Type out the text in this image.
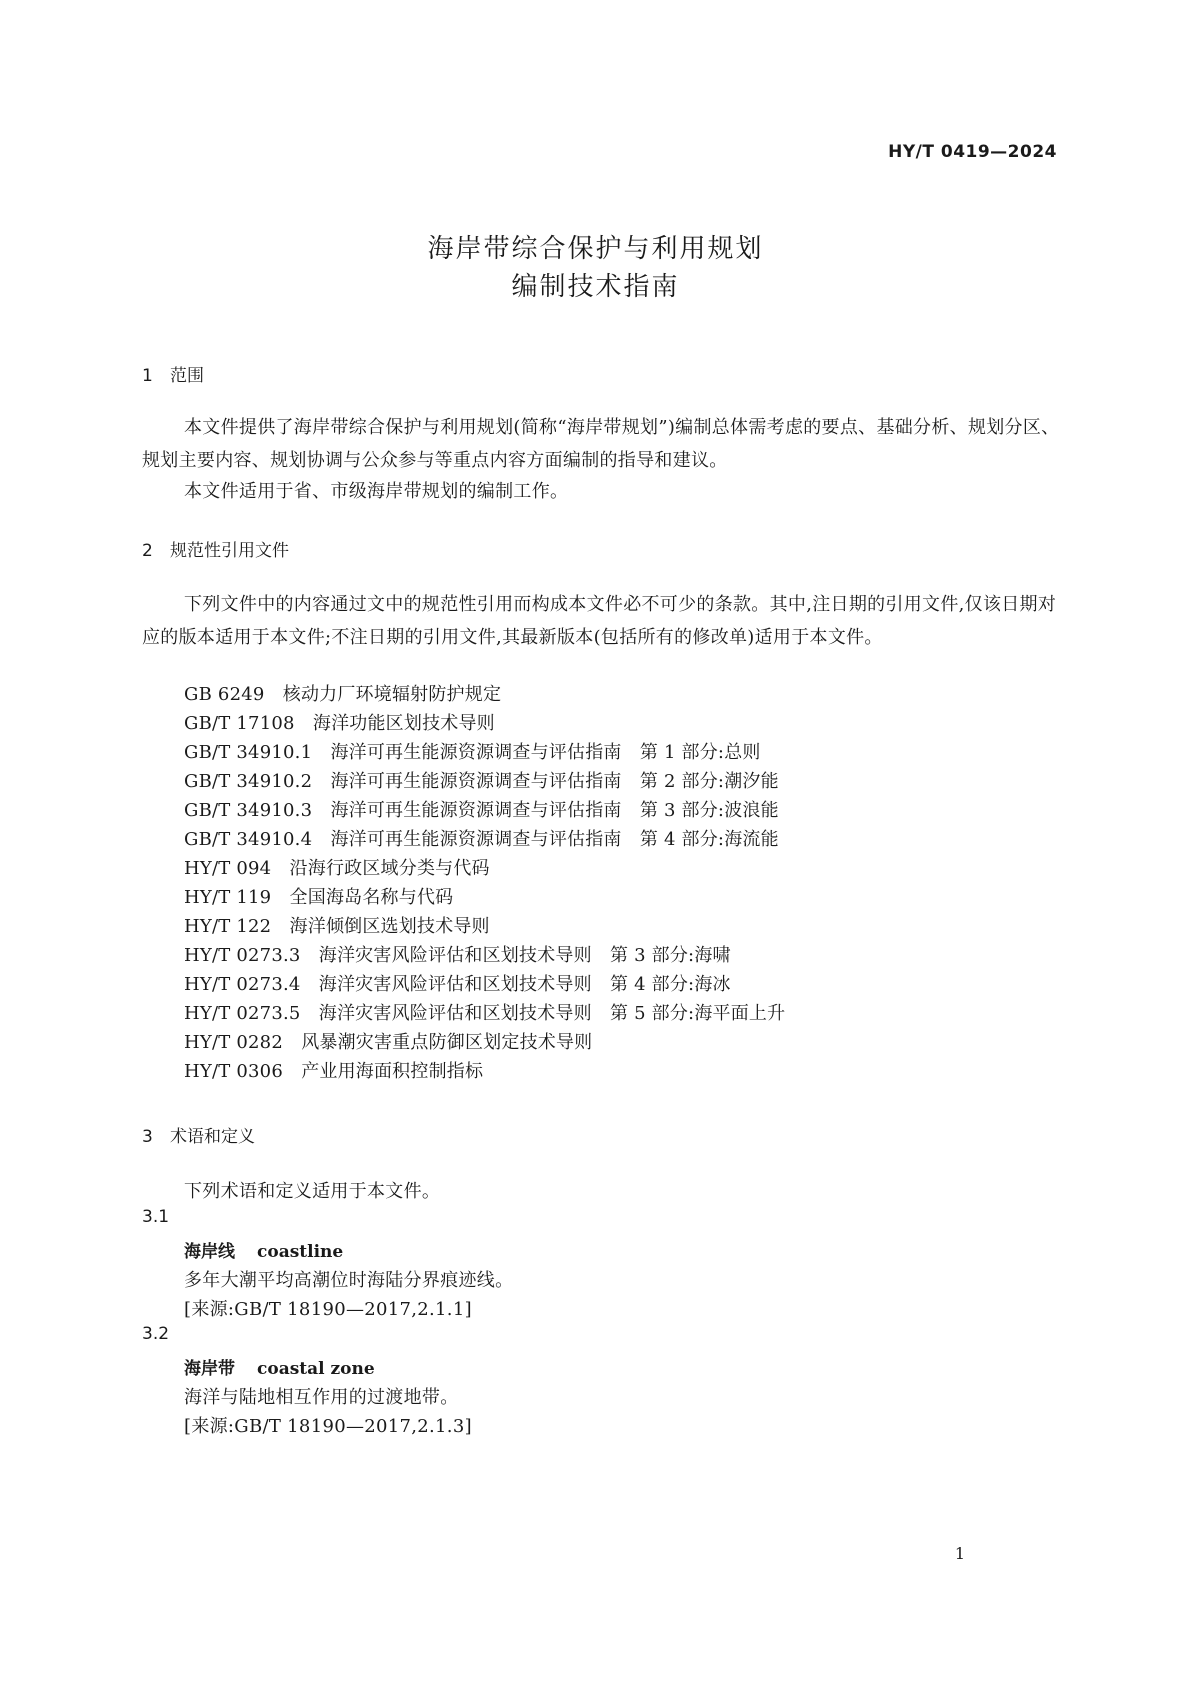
HY/T 0419—2024
海岸带综合保护与利用规划
编制技术指南
1 范围
本文件提供了海岸带综合保护与利用规划(简称“海岸带规划”)编制总体需考虑的要点、基础分析、规划分区、规划主要内容、规划协调与公众参与等重点内容方面编制的指导和建议。
本文件适用于省、市级海岸带规划的编制工作。
2 规范性引用文件
下列文件中的内容通过文中的规范性引用而构成本文件必不可少的条款。其中,注日期的引用文件,仅该日期对应的版本适用于本文件;不注日期的引用文件,其最新版本(包括所有的修改单)适用于本文件。
GB 6249　 核动力厂环境辐射防护规定
GB/T 17108　 海洋功能区划技术导则
GB/T 34910.1　 海洋可再生能源资源调查与评估指南　第 1 部分:总则
GB/T 34910.2　 海洋可再生能源资源调查与评估指南　第 2 部分:潮汐能
GB/T 34910.3　 海洋可再生能源资源调查与评估指南　第 3 部分:波浪能
GB/T 34910.4　 海洋可再生能源资源调查与评估指南　第 4 部分:海流能
HY/T 094　 沿海行政区域分类与代码
HY/T 119　 全国海岛名称与代码
HY/T 122　 海洋倾倒区选划技术导则
HY/T 0273.3　 海洋灾害风险评估和区划技术导则　第 3 部分:海啸
HY/T 0273.4　 海洋灾害风险评估和区划技术导则　第 4 部分:海冰
HY/T 0273.5　 海洋灾害风险评估和区划技术导则　第 5 部分:海平面上升
HY/T 0282　 风暴潮灾害重点防御区划定技术导则
HY/T 0306　 产业用海面积控制指标
3 术语和定义
下列术语和定义适用于本文件。
3.1
海岸线 coastline
多年大潮平均高潮位时海陆分界痕迹线。
[来源:GB/T 18190—2017,2.1.1]
3.2
海岸带 coastal zone
海洋与陆地相互作用的过渡地带。
[来源:GB/T 18190—2017,2.1.3]
1
